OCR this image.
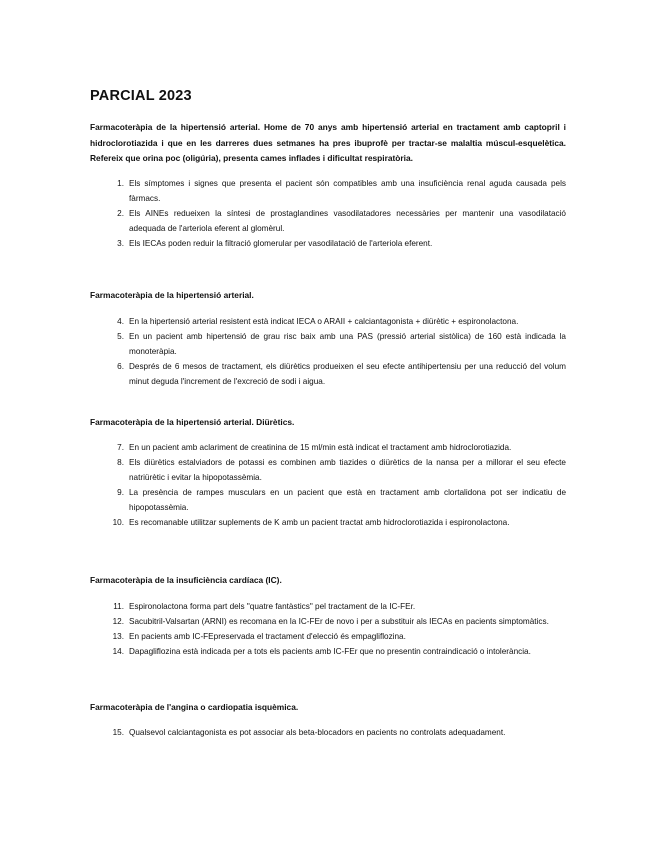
PARCIAL 2023
Farmacoteràpia de la hipertensió arterial. Home de 70 anys amb hipertensió arterial en tractament amb captopril i hidroclorotiazida i que en les darreres dues setmanes ha pres ibuprofè per tractar-se malaltia múscul-esquelètica. Refereix que orina poc (oligúria), presenta cames inflades i dificultat respiratòria.
1. Els símptomes i signes que presenta el pacient són compatibles amb una insuficiència renal aguda causada pels fàrmacs.
2. Els AINEs redueixen la síntesi de prostaglandines vasodilatadores necessàries per mantenir una vasodilatació adequada de l'arteriola eferent al glomèrul.
3. Els IECAs poden reduir la filtració glomerular per vasodilatació de l'arteriola eferent.
Farmacoteràpia de la hipertensió arterial.
4. En la hipertensió arterial resistent està indicat IECA o ARAII + calciantagonista + diürètic + espironolactona.
5. En un pacient amb hipertensió de grau risc baix amb una PAS (pressió arterial sistòlica) de 160 està indicada la monoteràpia.
6. Després de 6 mesos de tractament, els diürètics produeixen el seu efecte antihipertensiu per una reducció del volum minut deguda l'increment de l'excreció de sodi i aigua.
Farmacoteràpia de la hipertensió arterial. Diürètics.
7. En un pacient amb aclariment de creatinina de 15 ml/min està indicat el tractament amb hidroclorotiazida.
8. Els diürètics estalviadors de potassi es combinen amb tiazides o diürètics de la nansa per a millorar el seu efecte natriürètic i evitar la hipopotassèmia.
9. La presència de rampes musculars en un pacient que està en tractament amb clortalidona pot ser indicatiu de hipopotassèmia.
10. Es recomanable utilitzar suplements de K amb un pacient tractat amb hidroclorotiazida i espironolactona.
Farmacoteràpia de la insuficiència cardíaca (IC).
11. Espironolactona forma part dels "quatre fantàstics" pel tractament de la IC-FEr.
12. Sacubitril-Valsartan (ARNI) es recomana en la IC-FEr de novo i per a substituir als IECAs en pacients simptomàtics.
13. En pacients amb IC-FEpreservada el tractament d'elecció és empagliflozina.
14. Dapagliflozina està indicada per a tots els pacients amb IC-FEr que no presentin contraindicació o intolerància.
Farmacoteràpia de l'angina o cardiopatia isquèmica.
15. Qualsevol calciantagonista es pot associar als beta-blocadors en pacients no controlats adequadament.
